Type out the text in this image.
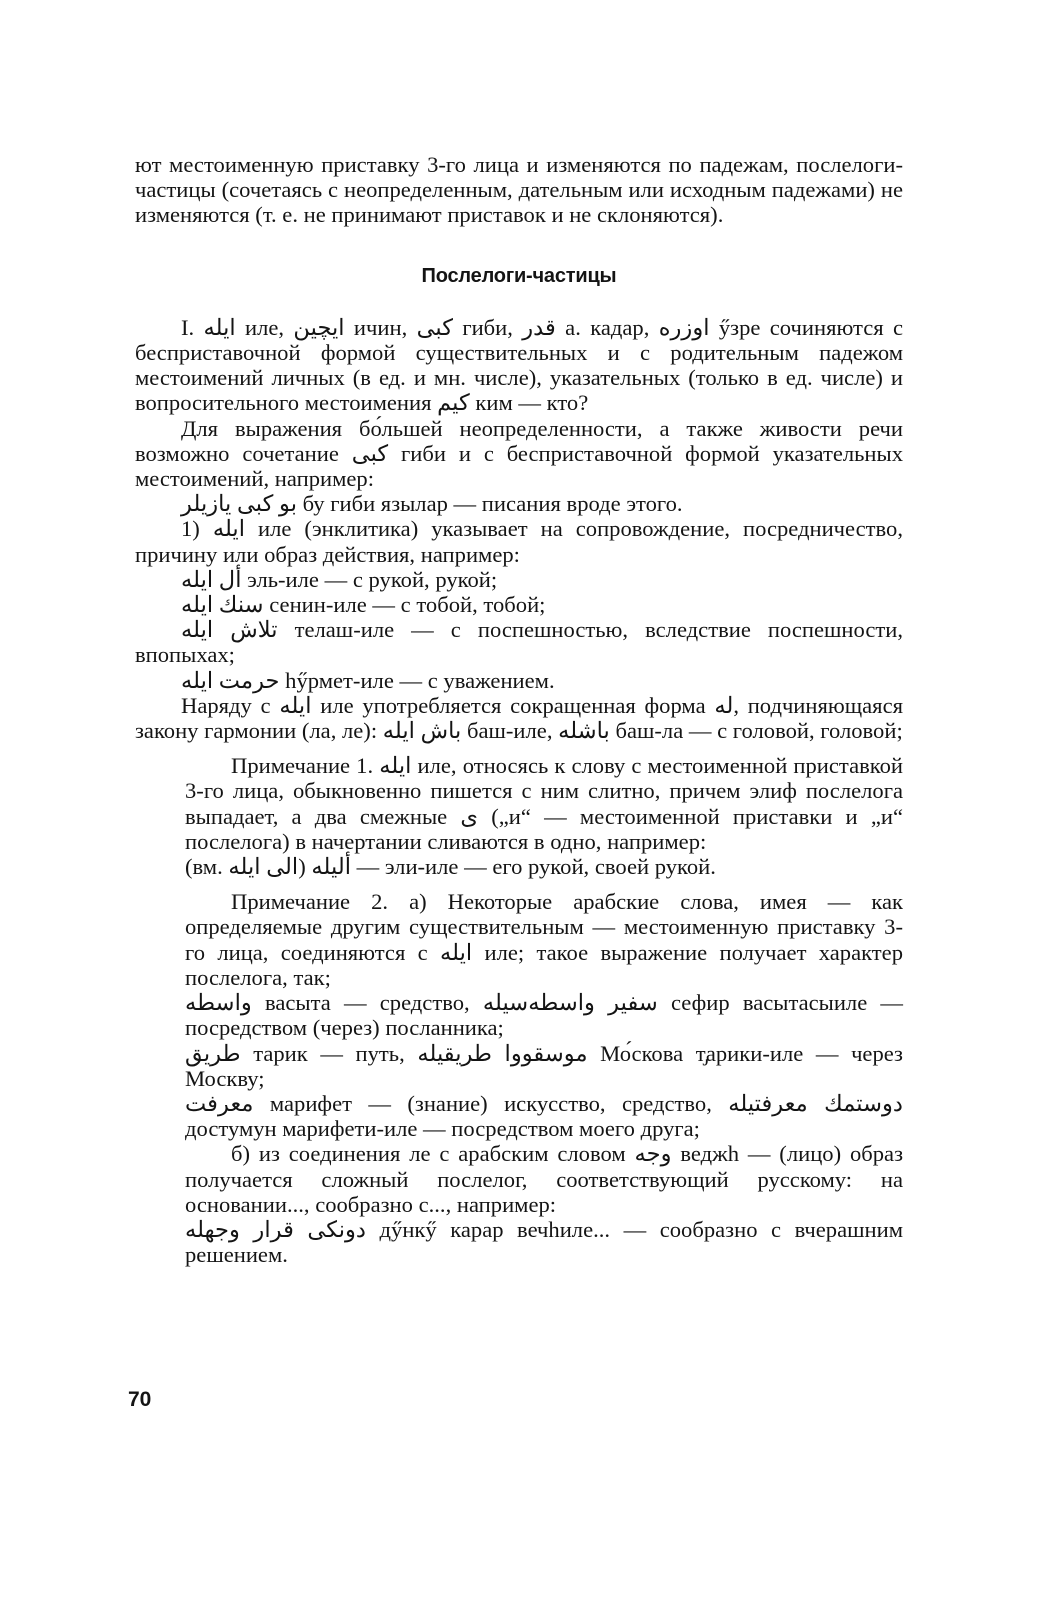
ют местоименную приставку 3-го лица и изменяются по падежам, послелоги-частицы (сочетаясь с неопределенным, дательным или исходным падежами) не изменяются (т. е. не принимают приставок и не склоняются).

Послелоги-частицы

I. ايله иле, ايچين ичин, كبى гиби, قدر а. кадар, اوزره ӳзре сочиняются с бесприставочной формой существительных и с родительным падежом местоимений личных (в ед. и мн. числе), указательных (только в ед. числе) и вопросительного местоимения كيم ким — кто?

Для выражения бо́льшей неопределенности, а также живости речи возможно сочетание كبى гиби и с бесприставочной формой указательных местоимений, например:

بو كبى يازيلر бу гиби язылар — писания вроде этого.

1) ايله иле (энклитика) указывает на сопровождение, посредничество, причину или образ действия, например:

أل ايله эль-иле — с рукой, рукой;

سنك ايله сенин-иле — с тобой, тобой;

تلاش ايله телаш-иле — с поспешностью, вследствие поспешности, впопыхах;

حرمت ايله hӳрмет-иле — с уважением.

Наряду с ايله иле употребляется сокращенная форма له, подчиняющаяся закону гармонии (ла, ле): باش ايله баш-иле, باشله баш-ла — с головой, головой;

Примечание 1. ايله иле, относясь к слову с местоименной приставкой 3-го лица, обыкновенно пишется с ним слитно, причем элиф послелога выпадает, а два смежные ى („и“ — местоименной приставки и „и“ послелога) в начертании сливаются в одно, например:

(вм. الى ايله) أليله — эли-иле — его рукой, своей рукой.

Примечание 2. а) Некоторые арабские слова, имея — как определяемые другим существительным — местоименную приставку 3-го лица, соединяются с ايله иле; такое выражение получает характер послелога, так;

واسطه васыта — средство, سفير واسطه‌سيله сефир васытасыиле — посредством (через) посланника;

طريق тарик — путь, موسقووا طريقيله Мо́скова т̡арики-иле — через Москву;

معرفت марифет — (знание) искусство, средство, دوستمك معرفتيله достумун марифети-иле — посредством моего друга;

б) из соединения ле с арабским словом وجه веджh — (лицо) образ получается сложный послелог, соответствующий русскому: на основании..., сообразно с..., например:

دونكى قرار وجهله дӳнкӳ карар вечhиле... — сообразно с вчерашним решением.

70
